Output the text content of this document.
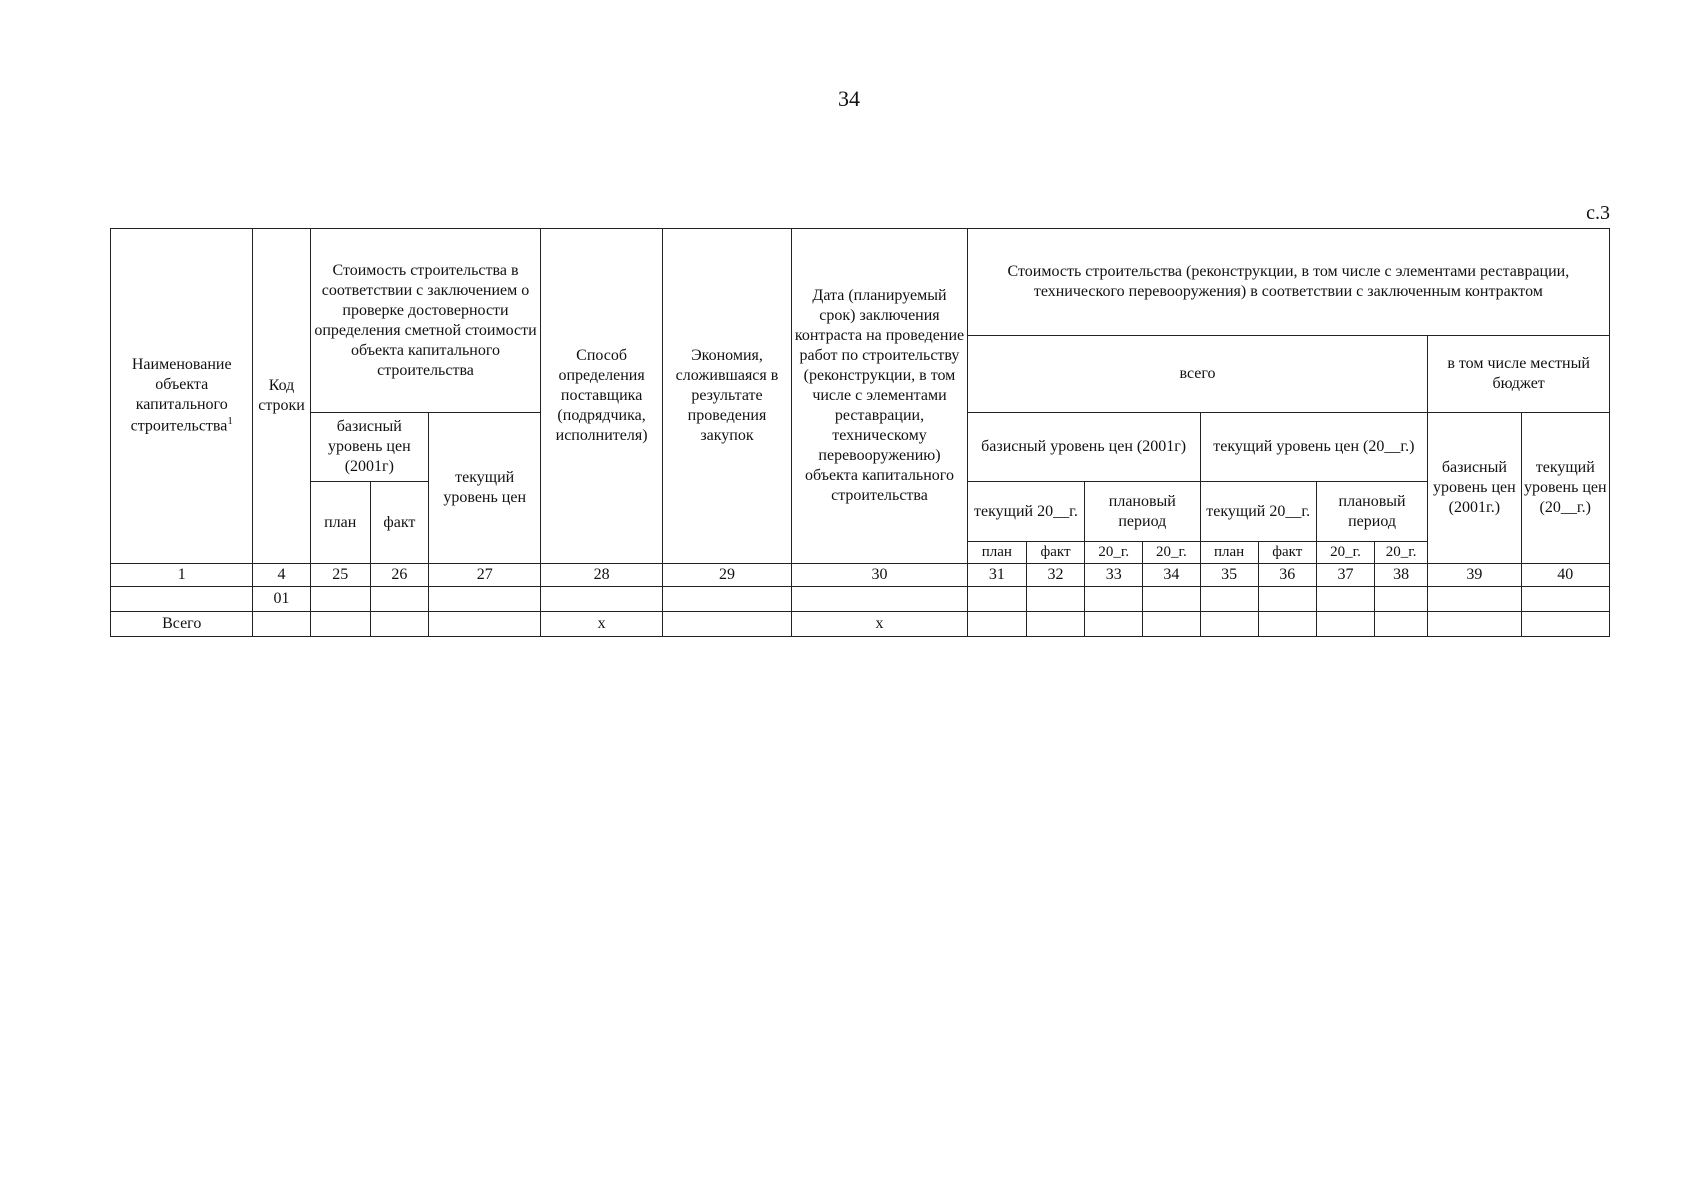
34
с.3
Наименование объекта капитального строительства$^1$	Код строки	Стоимость строительства в соответствии с заключением о проверке достоверности определения сметной стоимости объекта капитального строительства			Способ определения поставщика (подрядчика, исполнителя)	Экономия, сложившаяся в результате проведения закупок	Дата (планируемый срок) заключения контраста на проведение работ по строительству (реконструкции, в том числе с элементами реставрации, техническому перевооружению) объекта капитального строительства	Стоимость строительства (реконструкции, в том числе с элементами реставрации, технического перевооружения) в соответствии с заключенным контрактом									
								всего								в том числе местный бюджет	
		базисный уровень цен (2001г)		текущий уровень цен				базисный уровень цен (2001г)				текущий уровень цен (20__г.)				базисный уровень цен (2001г.)	текущий уровень цен (20__г.)

		план	факт					текущий 20__г.		плановый период		текущий 20__г.		плановый период			
								план	факт	20_г.	20_г.	план	факт	20_г.	20_г.		
1	4	25	26	27	28	29	30	31	32	33	34	35	36	37	38	39	40
	01																
Всего					x		x										
